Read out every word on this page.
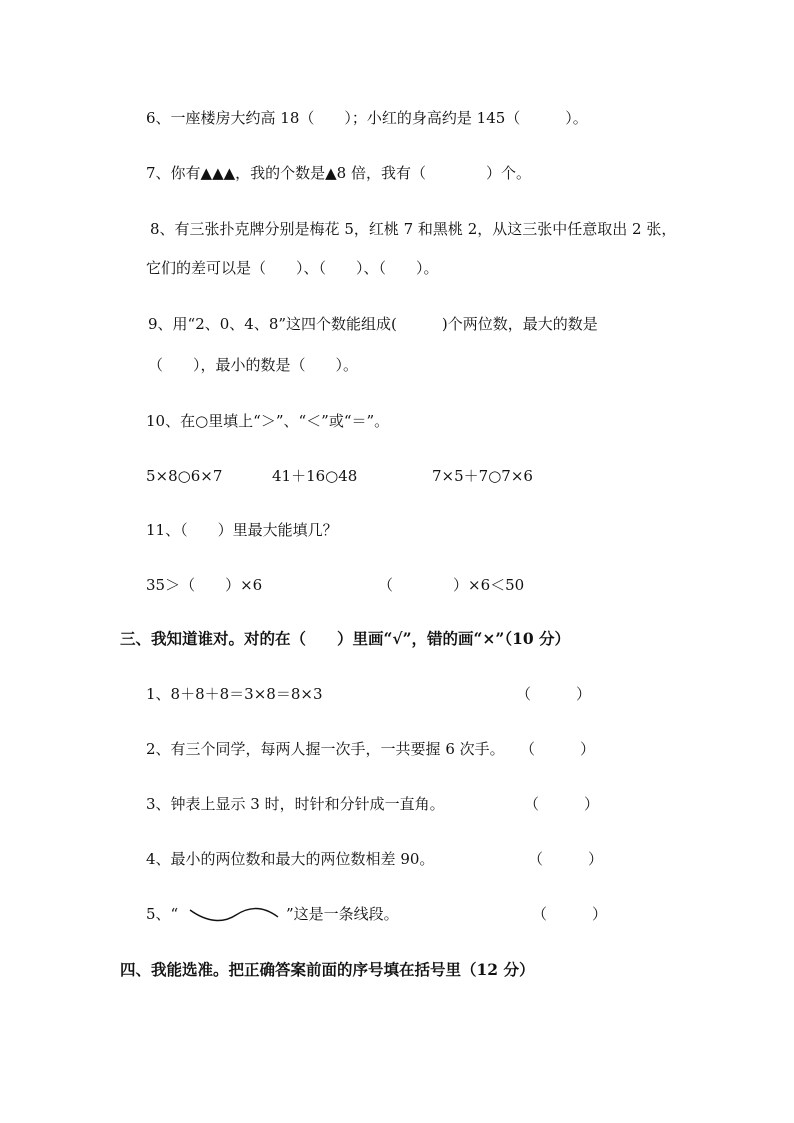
6、一座楼房大约高 18（　　）；小红的身高约是 145（　　　）。
7、你有▲▲▲，我的个数是▲8 倍，我有（　　　　）个。
8、有三张扑克牌分别是梅花 5，红桃 7 和黑桃 2，从这三张中任意取出 2 张，
它们的差可以是（　　）、（　　）、（　　）。
9、用“2、0、4、8”这四个数能组成(　　　)个两位数，最大的数是
（　　），最小的数是（　　）。
10、在○里填上“＞”、“＜”或“＝”。
5×8○6×7	41＋16○48	7×5＋7○7×6
11、（　　）里最大能填几？
35＞（　　）×6	（　　　　）×6＜50
三、我知道谁对。对的在（　　）里画“√”，错的画“×”（10 分）
1、8＋8＋8＝3×8＝8×3	（　　　）
2、有三个同学，每两人握一次手，一共要握 6 次手。 （　　　）
3、钟表上显示 3 时，时针和分针成一直角。	（　　　）
4、最小的两位数和最大的两位数相差 90。	（　　　）
5、“	”这是一条线段。	（　　　）
四、我能选准。把正确答案前面的序号填在括号里（12 分）
